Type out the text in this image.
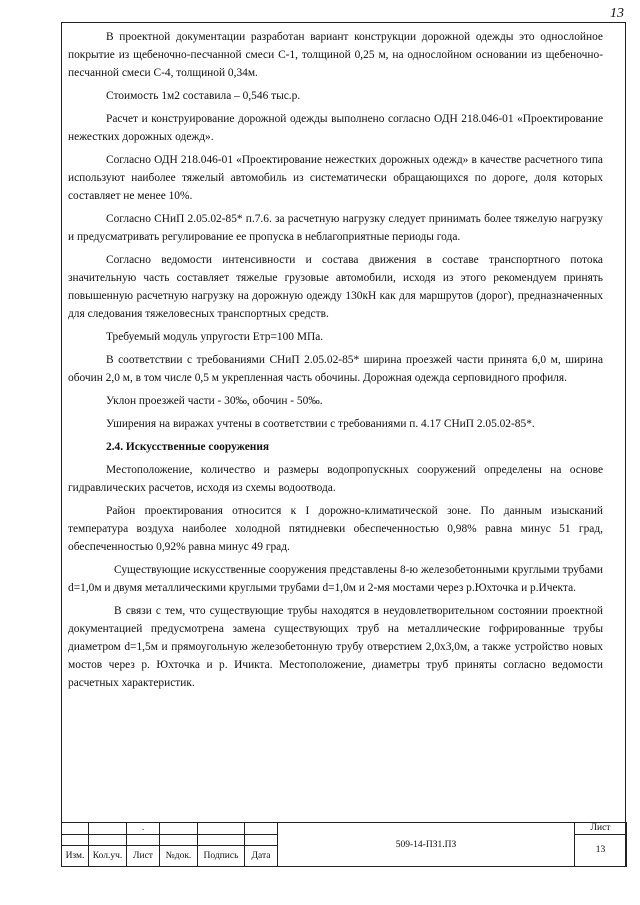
13

В проектной документации разработан вариант конструкции дорожной одежды это однослойное покрытие из щебеночно-песчанной смеси С-1, толщиной 0,25 м, на однослойном основании из щебеночно-песчанной смеси С-4, толщиной 0,34м.

Стоимость 1м2 составила – 0,546 тыс.р.

Расчет и конструирование дорожной одежды выполнено согласно ОДН 218.046-01 «Проектирование нежестких дорожных одежд».

Согласно ОДН 218.046-01 «Проектирование нежестких дорожных одежд» в качестве расчетного типа используют наиболее тяжелый автомобиль из систематически обращающихся по дороге, доля которых составляет не менее 10%.

Согласно СНиП 2.05.02-85* п.7.6. за расчетную нагрузку следует принимать более тяжелую нагрузку и предусматривать регулирование ее пропуска в неблагоприятные периоды года.

Согласно ведомости интенсивности и состава движения в составе транспортного потока значительную часть составляет тяжелые грузовые автомобили, исходя из этого рекомендуем принять повышенную расчетную нагрузку на дорожную одежду 130кН как для маршрутов (дорог), предназначенных для следования тяжеловесных транспортных средств.

Требуемый модуль упругости Етр=100 МПа.

В соответствии с требованиями СНиП 2.05.02-85* ширина проезжей части принята 6,0 м, ширина обочин 2,0 м, в том числе 0,5 м укрепленная часть обочины. Дорожная одежда серповидного профиля.

Уклон проезжей части - 30‰, обочин - 50‰.

Уширения на виражах учтены в соответствии с требованиями п. 4.17 СНиП 2.05.02-85*.

2.4. Искусственные сооружения

Местоположение, количество и размеры водопропускных сооружений определены на основе гидравлических расчетов, исходя из схемы водоотвода.

Район проектирования относится к I дорожно-климатической зоне. По данным изысканий температура воздуха наиболее холодной пятидневки обеспеченностью 0,98% равна минус 51 град, обеспеченностью 0,92% равна минус 49 град.

Существующие искусственные сооружения представлены 8-ю железобетонными круглыми трубами d=1,0м и двумя металлическими круглыми трубами d=1,0м и 2-мя мостами через р.Юхточка и р.Ичекта.

В связи с тем, что существующие трубы находятся в неудовлетворительном состоянии проектной документацией предусмотрена замена существующих труб на металлические гофрированные трубы диаметром d=1,5м и прямоугольную железобетонную трубу отверстием 2,0х3,0м, а также устройство новых мостов через р. Юхточка и р. Ичикта. Местоположение, диаметры труб приняты согласно ведомости расчетных характеристик.

		.				509-14-ПЗ1.ПЗ	Лист
							13
Изм.	Кол.уч.	Лист	№док.	Подпись	Дата		
